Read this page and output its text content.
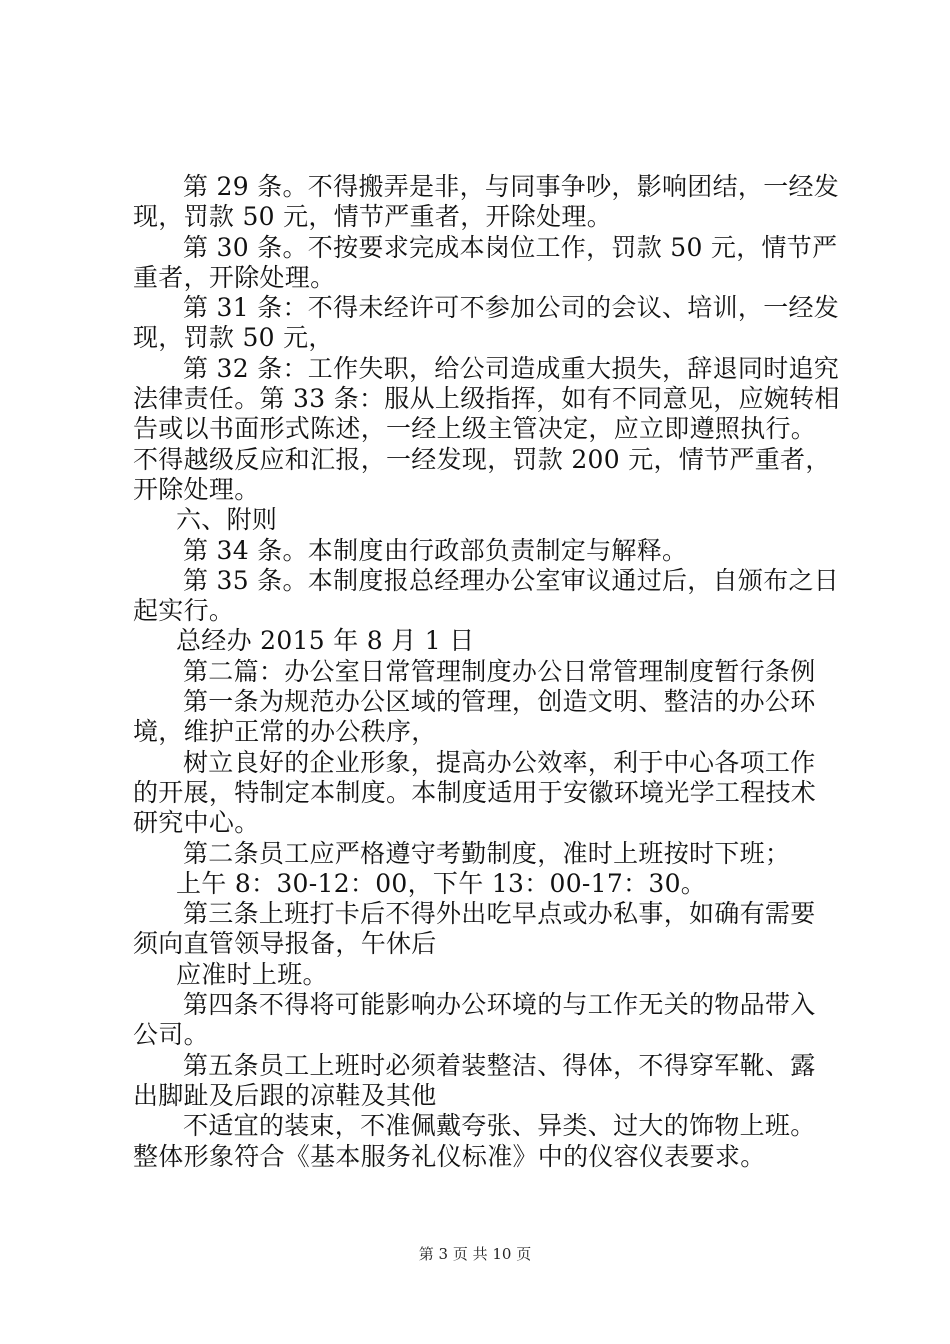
第 29 条。不得搬弄是非，与同事争吵，影响团结，一经发
现，罚款 50 元，情节严重者，开除处理。
第 30 条。不按要求完成本岗位工作，罚款 50 元，情节严
重者，开除处理。
第 31 条：不得未经许可不参加公司的会议、培训，一经发
现，罚款 50 元，
第 32 条：工作失职，给公司造成重大损失，辞退同时追究
法律责任。第 33 条：服从上级指挥，如有不同意见，应婉转相
告或以书面形式陈述，一经上级主管决定，应立即遵照执行。
不得越级反应和汇报，一经发现，罚款 200 元，情节严重者，
开除处理。
六、附则
第 34 条。本制度由行政部负责制定与解释。
第 35 条。本制度报总经理办公室审议通过后，自颁布之日
起实行。
总经办 2015 年 8 月 1 日
第二篇：办公室日常管理制度办公日常管理制度暂行条例
第一条为规范办公区域的管理，创造文明、整洁的办公环
境，维护正常的办公秩序，
树立良好的企业形象，提高办公效率，利于中心各项工作
的开展，特制定本制度。本制度适用于安徽环境光学工程技术
研究中心。
第二条员工应严格遵守考勤制度，准时上班按时下班；
上午 8：30-12：00，下午 13：00-17：30。
第三条上班打卡后不得外出吃早点或办私事，如确有需要
须向直管领导报备，午休后
应准时上班。
第四条不得将可能影响办公环境的与工作无关的物品带入
公司。
第五条员工上班时必须着装整洁、得体，不得穿军靴、露
出脚趾及后跟的凉鞋及其他
不适宜的装束，不准佩戴夸张、异类、过大的饰物上班。
整体形象符合《基本服务礼仪标准》中的仪容仪表要求。
第 3 页 共 10 页
